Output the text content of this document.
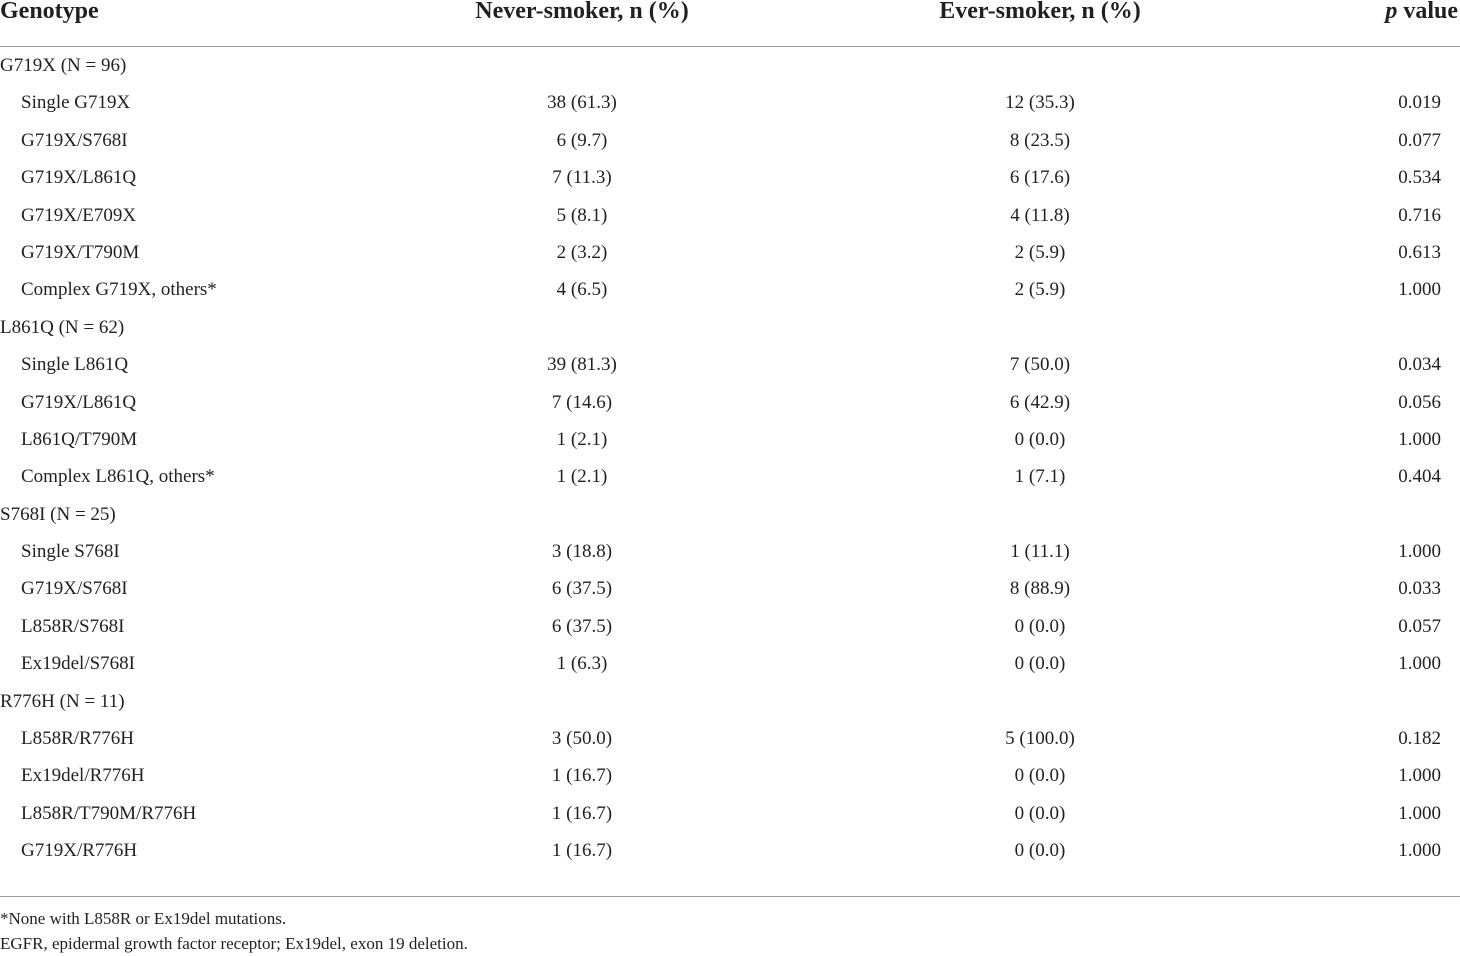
Genotype	Never-smoker, n (%)	Ever-smoker, n (%)	p value
G719X (N = 96)
Single G719X	38 (61.3)	12 (35.3)	0.019
G719X/S768I	6 (9.7)	8 (23.5)	0.077
G719X/L861Q	7 (11.3)	6 (17.6)	0.534
G719X/E709X	5 (8.1)	4 (11.8)	0.716
G719X/T790M	2 (3.2)	2 (5.9)	0.613
Complex G719X, others*	4 (6.5)	2 (5.9)	1.000
L861Q (N = 62)
Single L861Q	39 (81.3)	7 (50.0)	0.034
G719X/L861Q	7 (14.6)	6 (42.9)	0.056
L861Q/T790M	1 (2.1)	0 (0.0)	1.000
Complex L861Q, others*	1 (2.1)	1 (7.1)	0.404
S768I (N = 25)
Single S768I	3 (18.8)	1 (11.1)	1.000
G719X/S768I	6 (37.5)	8 (88.9)	0.033
L858R/S768I	6 (37.5)	0 (0.0)	0.057
Ex19del/S768I	1 (6.3)	0 (0.0)	1.000
R776H (N = 11)
L858R/R776H	3 (50.0)	5 (100.0)	0.182
Ex19del/R776H	1 (16.7)	0 (0.0)	1.000
L858R/T790M/R776H	1 (16.7)	0 (0.0)	1.000
G719X/R776H	1 (16.7)	0 (0.0)	1.000
*None with L858R or Ex19del mutations.
EGFR, epidermal growth factor receptor; Ex19del, exon 19 deletion.
